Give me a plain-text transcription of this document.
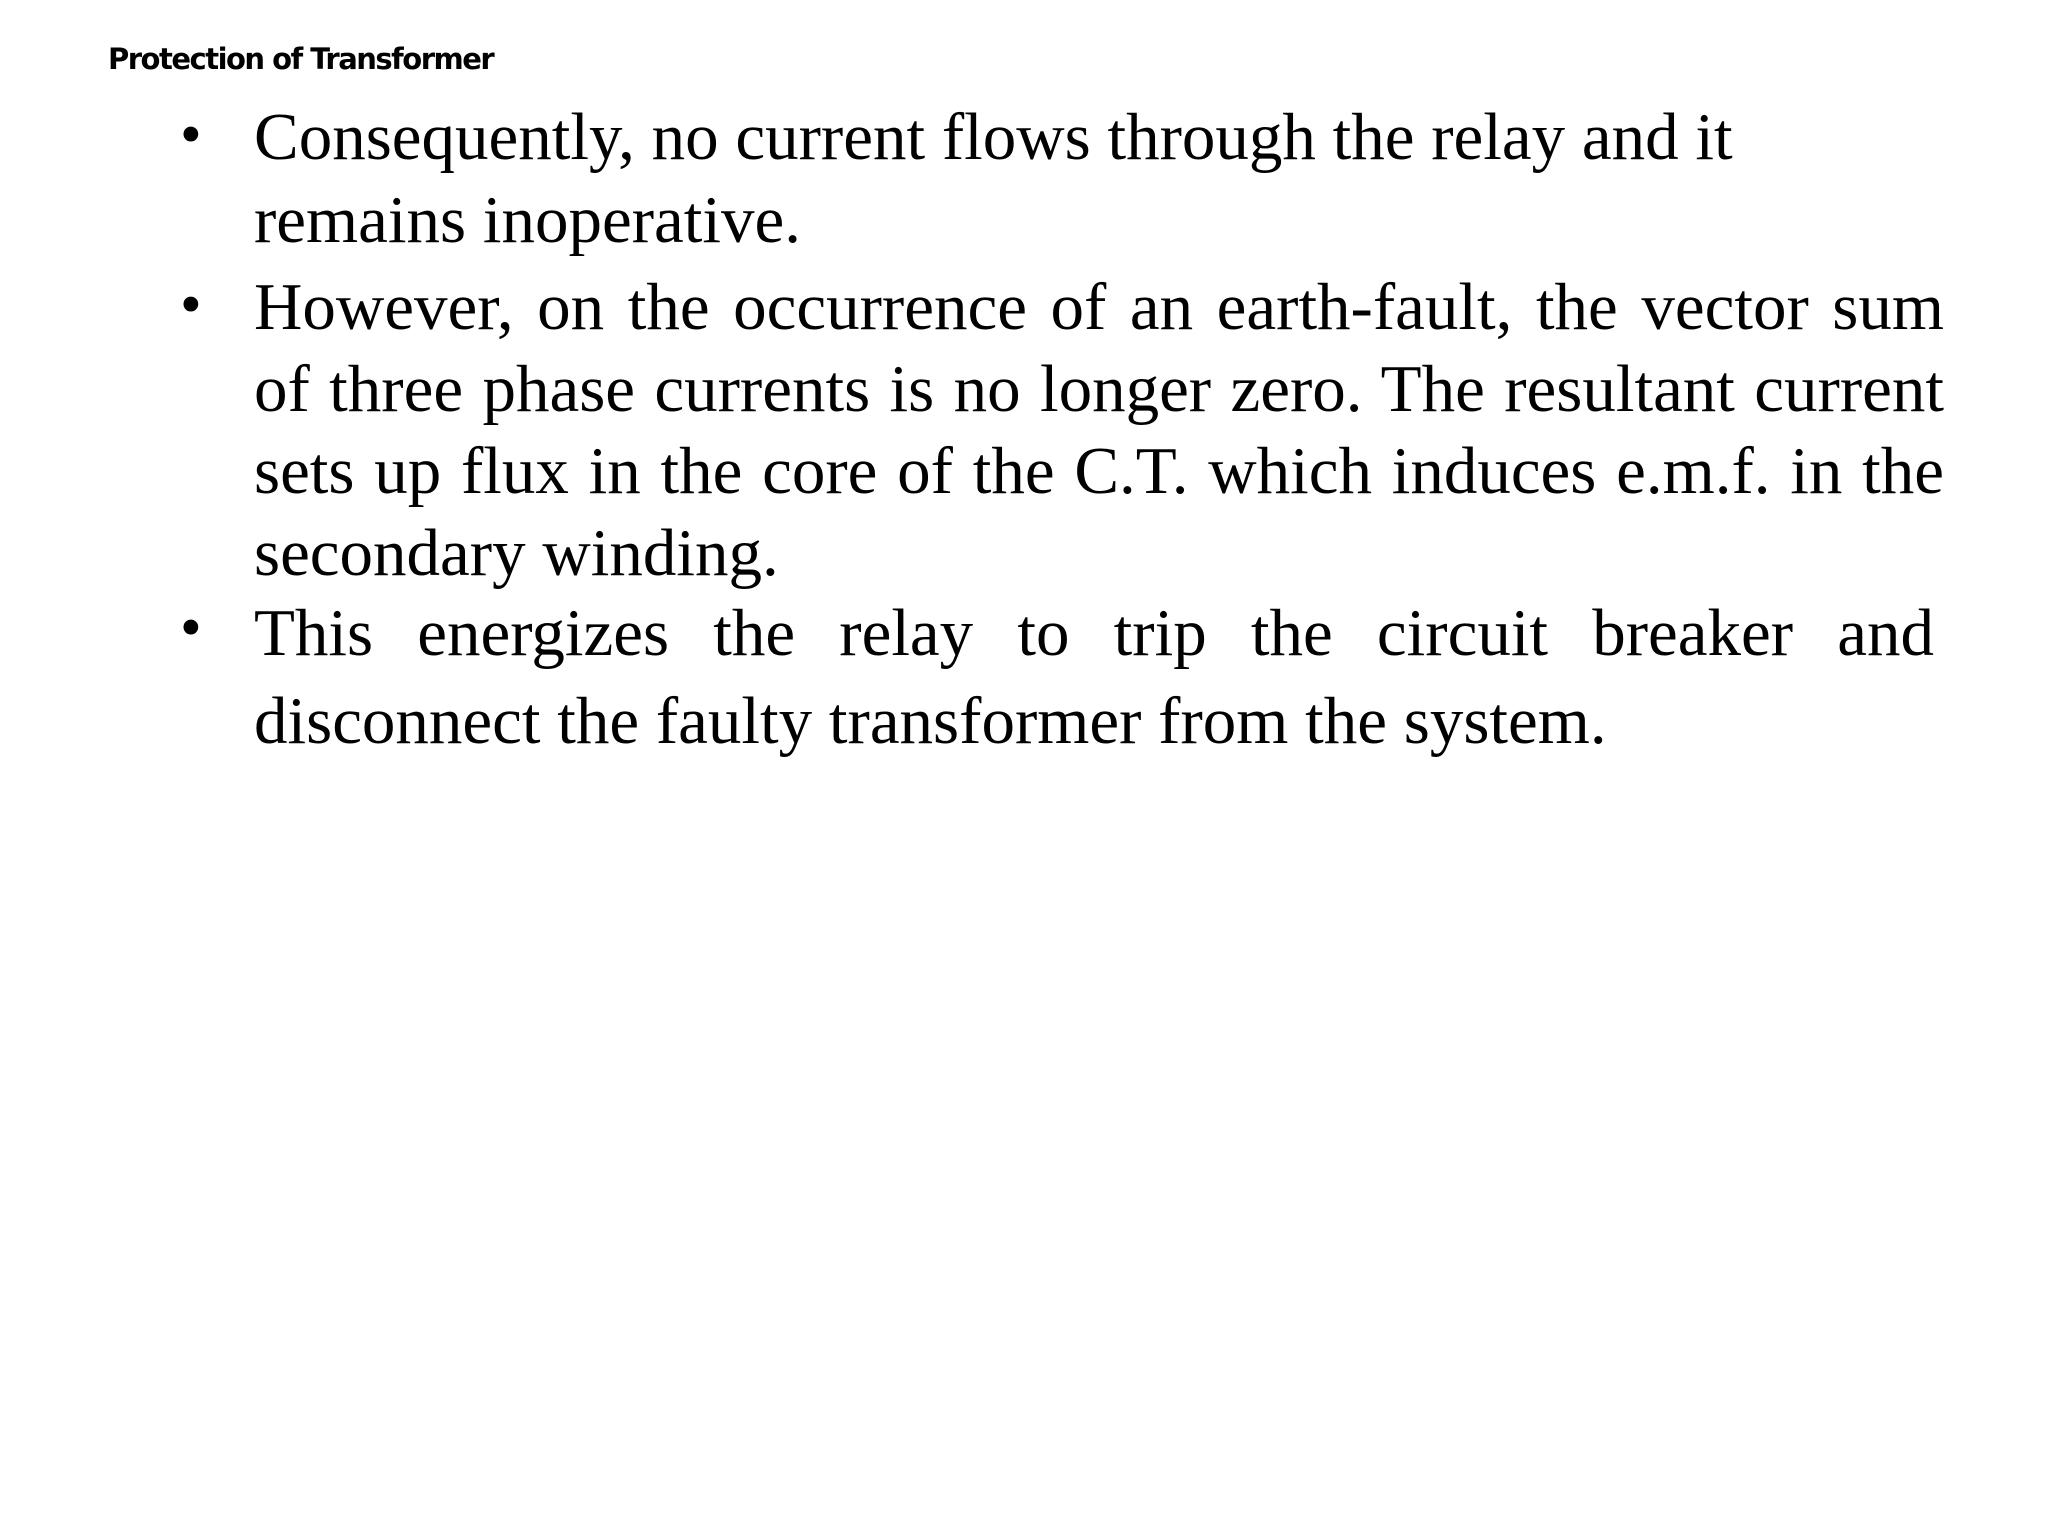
Protection of Transformer
• Consequently, no current flows through the relay and it remains inoperative.

• However, on the occurrence of an earth-fault, the vector sum of three phase currents is no longer zero. The resultant current sets up flux in the core of the C.T. which induces e.m.f. in the secondary winding.

• This energizes the relay to trip the circuit breaker and disconnect the faulty transformer from the system.
